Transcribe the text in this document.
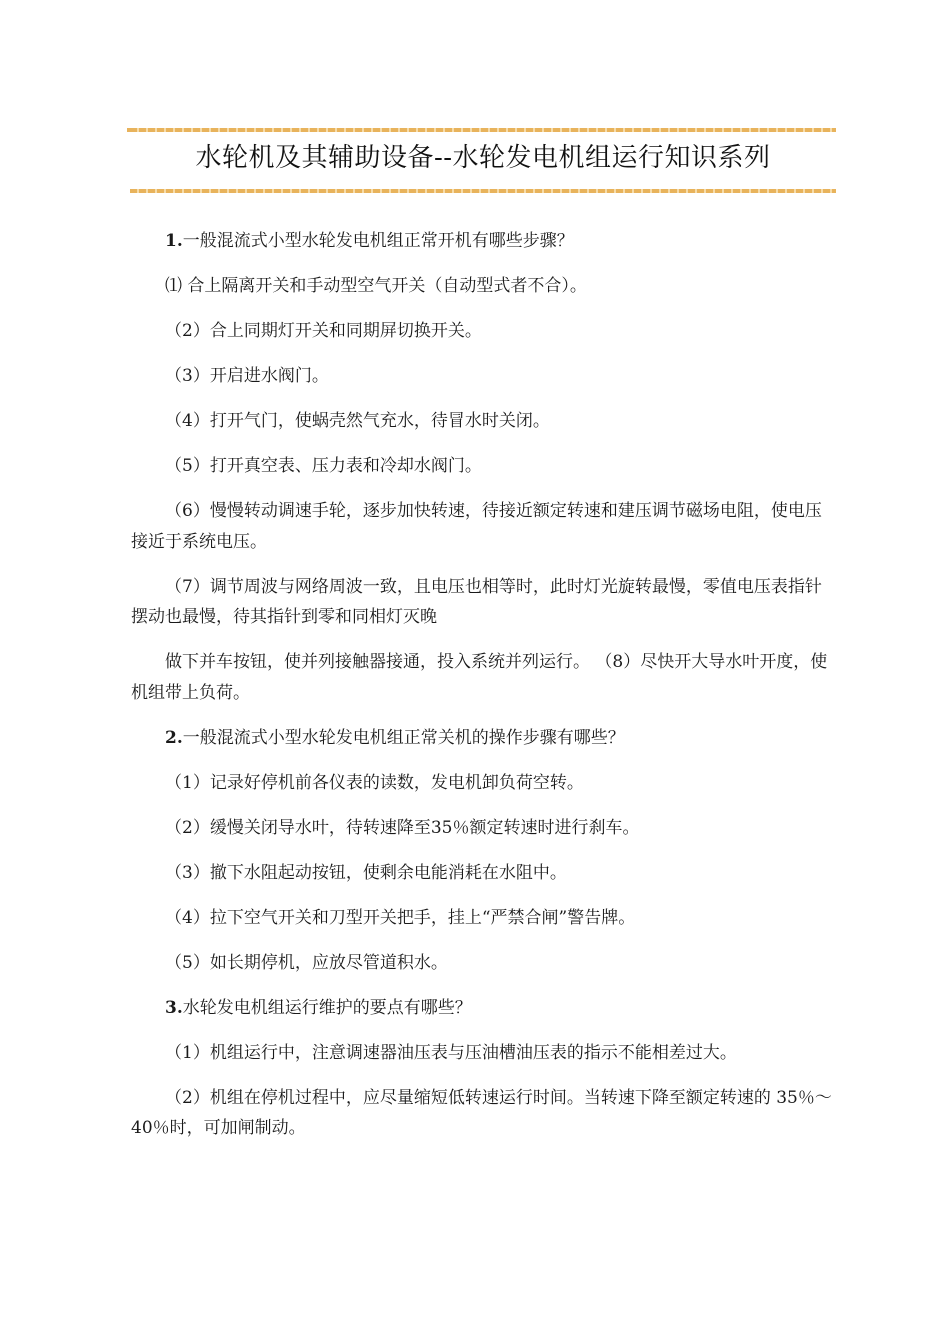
水轮机及其辅助设备--水轮发电机组运行知识系列

1.一般混流式小型水轮发电机组正常开机有哪些步骤？

⑴ 合上隔离开关和手动型空气开关（自动型式者不合）。

（2）合上同期灯开关和同期屏切换开关。

（3）开启进水阀门。

（4）打开气门，使蜗壳然气充水，待冒水时关闭。

（5）打开真空表、压力表和冷却水阀门。

（6）慢慢转动调速手轮，逐步加快转速，待接近额定转速和建压调节磁场电阻，使电压接近于系统电压。

（7）调节周波与网络周波一致，且电压也相等时，此时灯光旋转最慢，零值电压表指针摆动也最慢，待其指针到零和同相灯灭晚

做下并车按钮，使并列接触器接通，投入系统并列运行。 （8）尽快开大导水叶开度，使机组带上负荷。

2.一般混流式小型水轮发电机组正常关机的操作步骤有哪些？

（1）记录好停机前各仪表的读数，发电机卸负荷空转。

（2）缓慢关闭导水叶，待转速降至35％额定转速时进行刹车。

（3）撤下水阻起动按钮，使剩余电能消耗在水阻中。

（4）拉下空气开关和刀型开关把手，挂上“严禁合闸”警告牌。

（5）如长期停机，应放尽管道积水。

3.水轮发电机组运行维护的要点有哪些？

（1）机组运行中，注意调速器油压表与压油槽油压表的指示不能相差过大。

（2）机组在停机过程中，应尽量缩短低转速运行时间。当转速下降至额定转速的 35％～40％时，可加闸制动。
